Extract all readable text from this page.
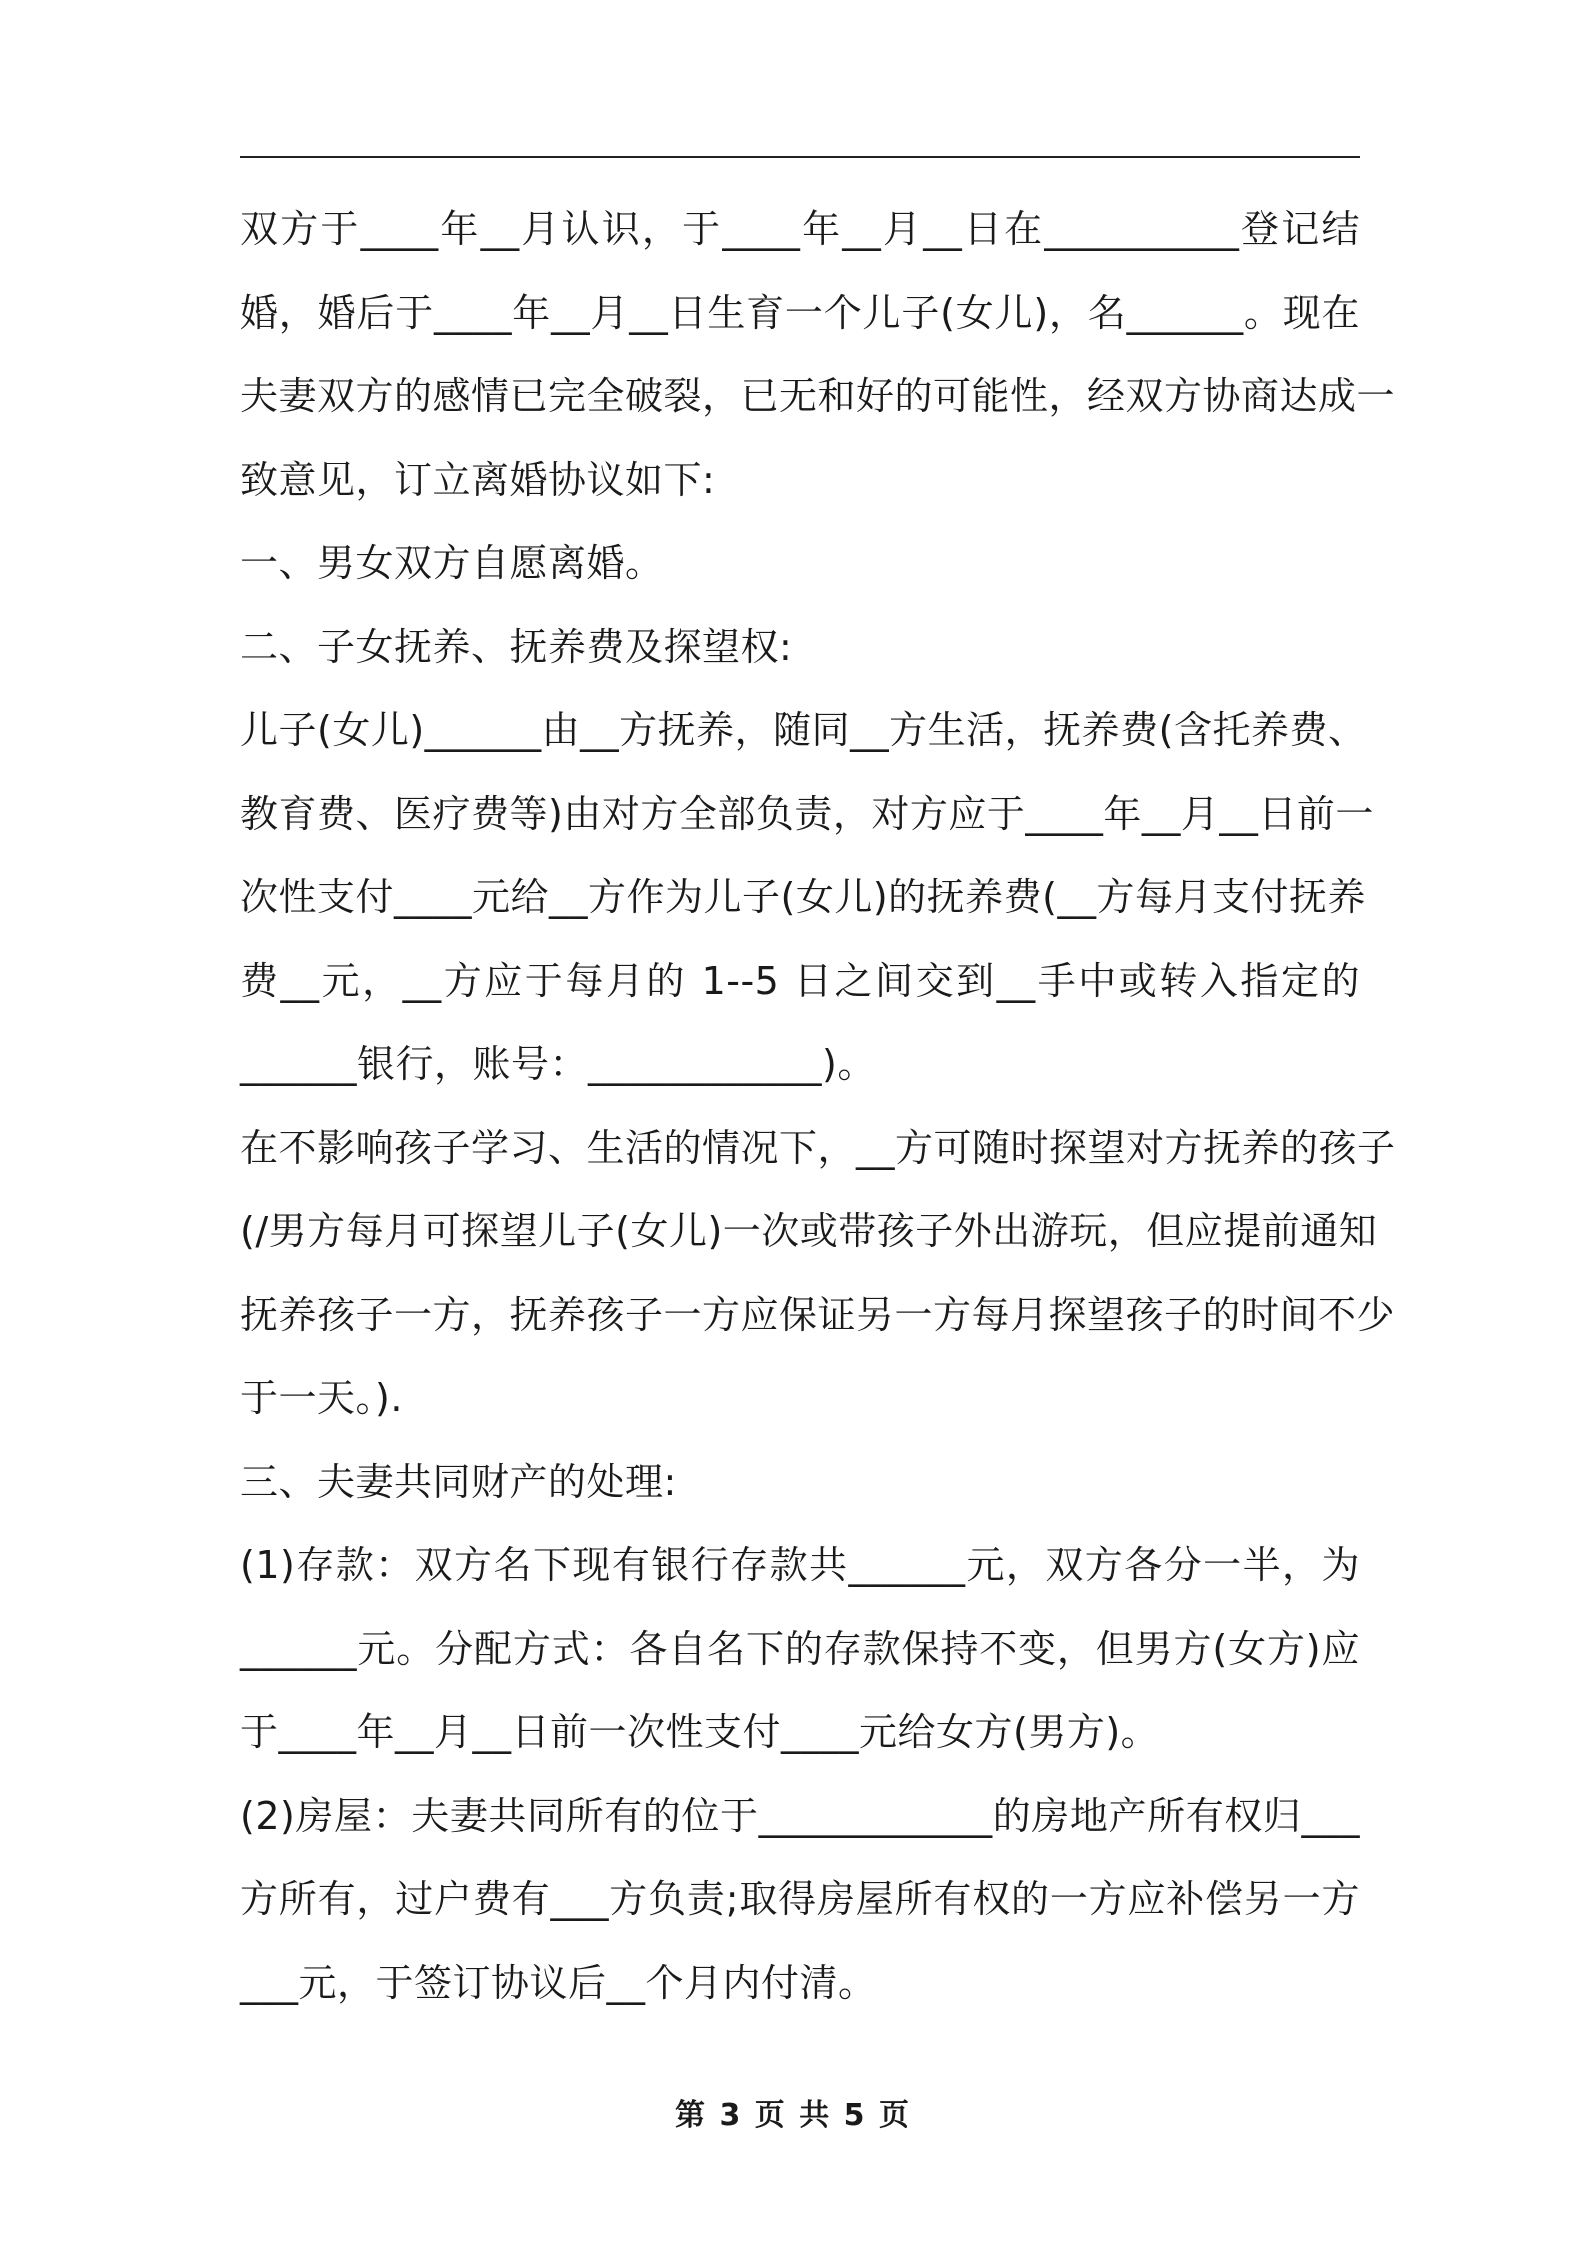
双方于____年__月认识，于____年__月__日在__________登记结
婚，婚后于____年__月__日生育一个儿子(女儿)，名______。现在
夫妻双方的感情已完全破裂，已无和好的可能性，经双方协商达成一
致意见，订立离婚协议如下:
一、男女双方自愿离婚。
二、子女抚养、抚养费及探望权:
儿子(女儿)______由__方抚养，随同__方生活，抚养费(含托养费、
教育费、医疗费等)由对方全部负责，对方应于____年__月__日前一
次性支付____元给__方作为儿子(女儿)的抚养费(__方每月支付抚养
费__元，__方应于每月的 1--5 日之间交到__手中或转入指定的
______银行，账号：____________)。
在不影响孩子学习、生活的情况下，__方可随时探望对方抚养的孩子
(/男方每月可探望儿子(女儿)一次或带孩子外出游玩，但应提前通知
抚养孩子一方，抚养孩子一方应保证另一方每月探望孩子的时间不少
于一天。).
三、夫妻共同财产的处理:
(1)存款：双方名下现有银行存款共______元，双方各分一半，为
______元。分配方式：各自名下的存款保持不变，但男方(女方)应
于____年__月__日前一次性支付____元给女方(男方)。
(2)房屋：夫妻共同所有的位于____________的房地产所有权归___
方所有，过户费有___方负责;取得房屋所有权的一方应补偿另一方
___元，于签订协议后__个月内付清。
第 3 页 共 5 页
